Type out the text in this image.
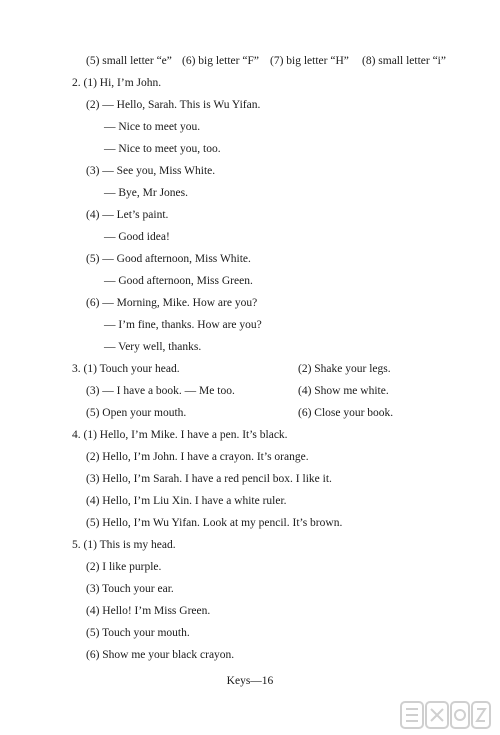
(5) small letter “e” (6) big letter “F” (7) big letter “H” (8) small letter “i”
2. (1) Hi, I’m John.
(2) — Hello, Sarah. This is Wu Yifan.
— Nice to meet you.
— Nice to meet you, too.
(3) — See you, Miss White.
— Bye, Mr Jones.
(4) — Let’s paint.
— Good idea!
(5) — Good afternoon, Miss White.
— Good afternoon, Miss Green.
(6) — Morning, Mike. How are you?
— I’m fine, thanks. How are you?
— Very well, thanks.
3. (1) Touch your head.	(2) Shake your legs.
(3) — I have a book. — Me too.	(4) Show me white.
(5) Open your mouth.	(6) Close your book.
4. (1) Hello, I’m Mike. I have a pen. It’s black.
(2) Hello, I’m John. I have a crayon. It’s orange.
(3) Hello, I’m Sarah. I have a red pencil box. I like it.
(4) Hello, I’m Liu Xin. I have a white ruler.
(5) Hello, I’m Wu Yifan. Look at my pencil. It’s brown.
5. (1) This is my head.
(2) I like purple.
(3) Touch your ear.
(4) Hello! I’m Miss Green.
(5) Touch your mouth.
(6) Show me your black crayon.
Keys—16
